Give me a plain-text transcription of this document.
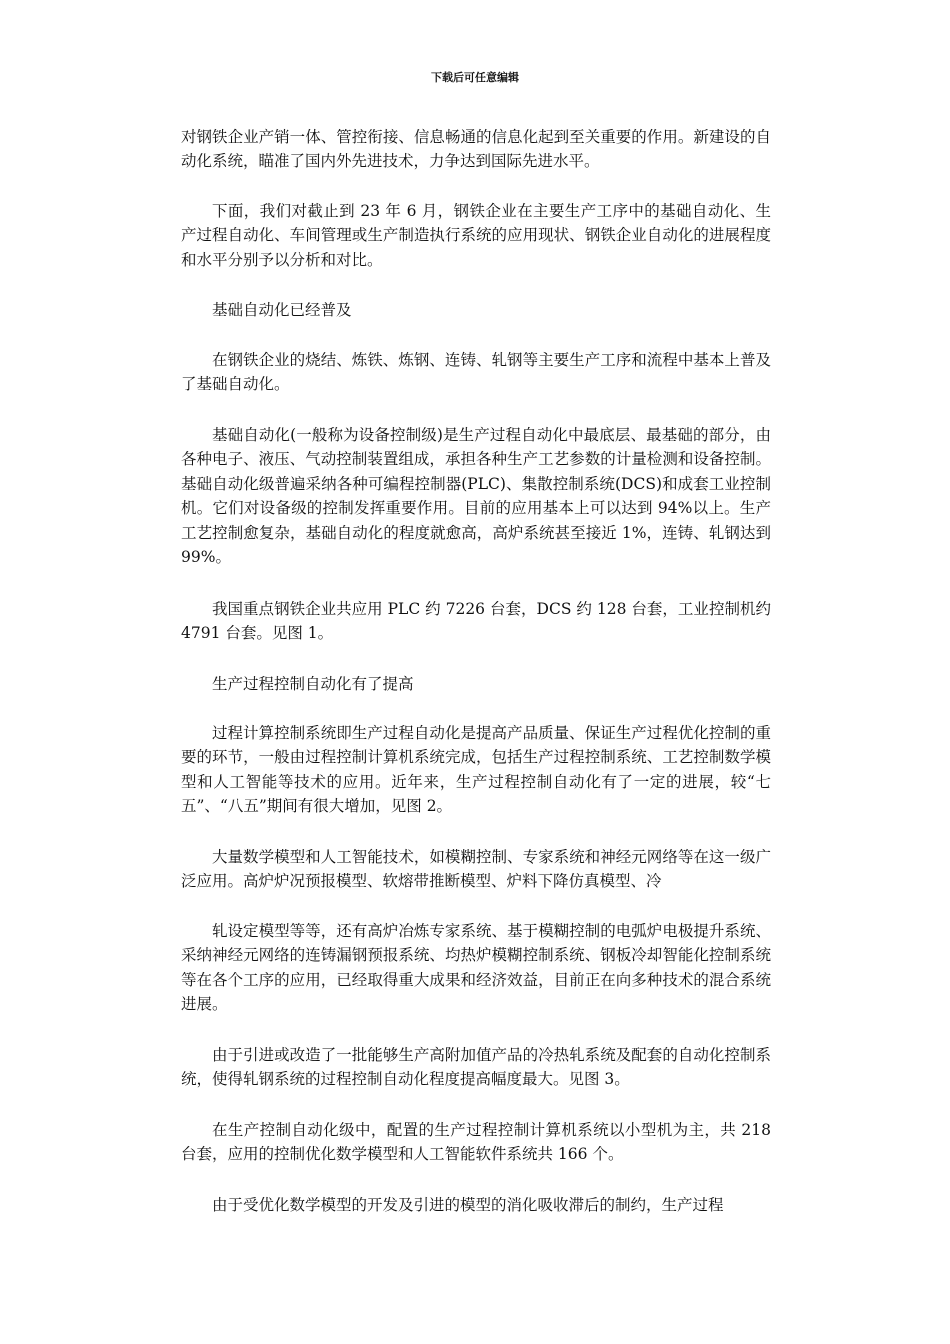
下载后可任意编辑

对钢铁企业产销一体、管控衔接、信息畅通的信息化起到至关重要的作用。新建设的自动化系统，瞄准了国内外先进技术，力争达到国际先进水平。

下面，我们对截止到 23 年 6 月，钢铁企业在主要生产工序中的基础自动化、生产过程自动化、车间管理或生产制造执行系统的应用现状、钢铁企业自动化的进展程度和水平分别予以分析和对比。

基础自动化已经普及

在钢铁企业的烧结、炼铁、炼钢、连铸、轧钢等主要生产工序和流程中基本上普及了基础自动化。

基础自动化(一般称为设备控制级)是生产过程自动化中最底层、最基础的部分，由各种电子、液压、气动控制装置组成，承担各种生产工艺参数的计量检测和设备控制。基础自动化级普遍采纳各种可编程控制器(PLC)、集散控制系统(DCS)和成套工业控制机。它们对设备级的控制发挥重要作用。目前的应用基本上可以达到 94%以上。生产工艺控制愈复杂，基础自动化的程度就愈高，高炉系统甚至接近 1%，连铸、轧钢达到 99%。

我国重点钢铁企业共应用 PLC 约 7226 台套，DCS 约 128 台套，工业控制机约 4791 台套。见图 1。

生产过程控制自动化有了提高

过程计算控制系统即生产过程自动化是提高产品质量、保证生产过程优化控制的重要的环节，一般由过程控制计算机系统完成，包括生产过程控制系统、工艺控制数学模型和人工智能等技术的应用。近年来，生产过程控制自动化有了一定的进展，较“七五”、“八五”期间有很大增加，见图 2。

大量数学模型和人工智能技术，如模糊控制、专家系统和神经元网络等在这一级广泛应用。高炉炉况预报模型、软熔带推断模型、炉料下降仿真模型、冷

轧设定模型等等，还有高炉冶炼专家系统、基于模糊控制的电弧炉电极提升系统、采纳神经元网络的连铸漏钢预报系统、均热炉模糊控制系统、钢板冷却智能化控制系统等在各个工序的应用，已经取得重大成果和经济效益，目前正在向多种技术的混合系统进展。

由于引进或改造了一批能够生产高附加值产品的冷热轧系统及配套的自动化控制系统，使得轧钢系统的过程控制自动化程度提高幅度最大。见图 3。

在生产控制自动化级中，配置的生产过程控制计算机系统以小型机为主，共 218 台套，应用的控制优化数学模型和人工智能软件系统共 166 个。

由于受优化数学模型的开发及引进的模型的消化吸收滞后的制约，生产过程
